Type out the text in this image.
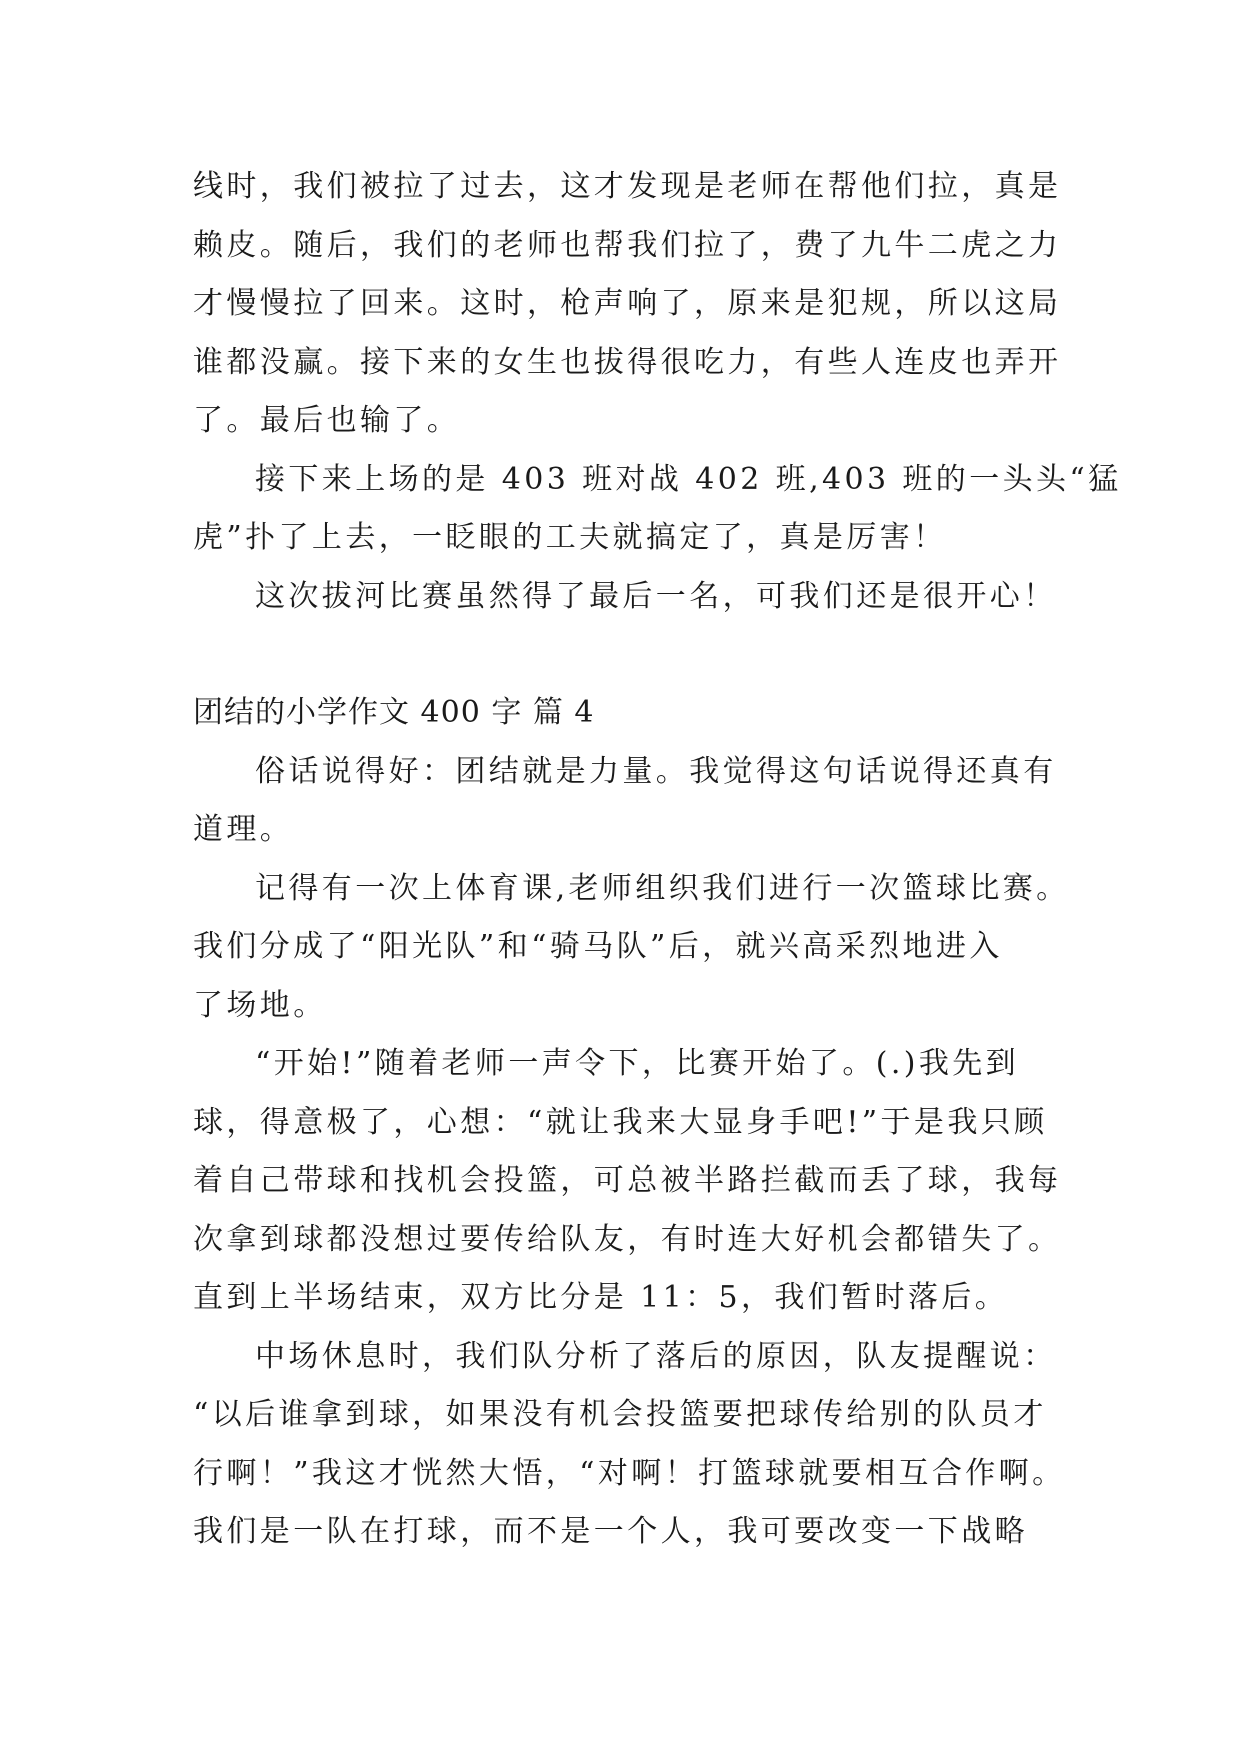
线时，我们被拉了过去，这才发现是老师在帮他们拉，真是
赖皮。随后，我们的老师也帮我们拉了，费了九牛二虎之力
才慢慢拉了回来。这时，枪声响了，原来是犯规，所以这局
谁都没赢。接下来的女生也拔得很吃力，有些人连皮也弄开
了。最后也输了。
接下来上场的是 403 班对战 402 班,403 班的一头头“猛
虎”扑了上去，一眨眼的工夫就搞定了，真是厉害！
这次拔河比赛虽然得了最后一名，可我们还是很开心！
团结的小学作文 400 字 篇 4
俗话说得好：团结就是力量。我觉得这句话说得还真有
道理。
记得有一次上体育课,老师组织我们进行一次篮球比赛。
我们分成了“阳光队”和“骑马队”后，就兴高采烈地进入
了场地。
“开始!”随着老师一声令下，比赛开始了。(.)我先到
球，得意极了，心想：“就让我来大显身手吧!”于是我只顾
着自己带球和找机会投篮，可总被半路拦截而丢了球，我每
次拿到球都没想过要传给队友，有时连大好机会都错失了。
直到上半场结束，双方比分是 11：5，我们暂时落后。
中场休息时，我们队分析了落后的原因，队友提醒说：
“以后谁拿到球，如果没有机会投篮要把球传给别的队员才
行啊！”我这才恍然大悟，“对啊！打篮球就要相互合作啊。
我们是一队在打球，而不是一个人，我可要改变一下战略
